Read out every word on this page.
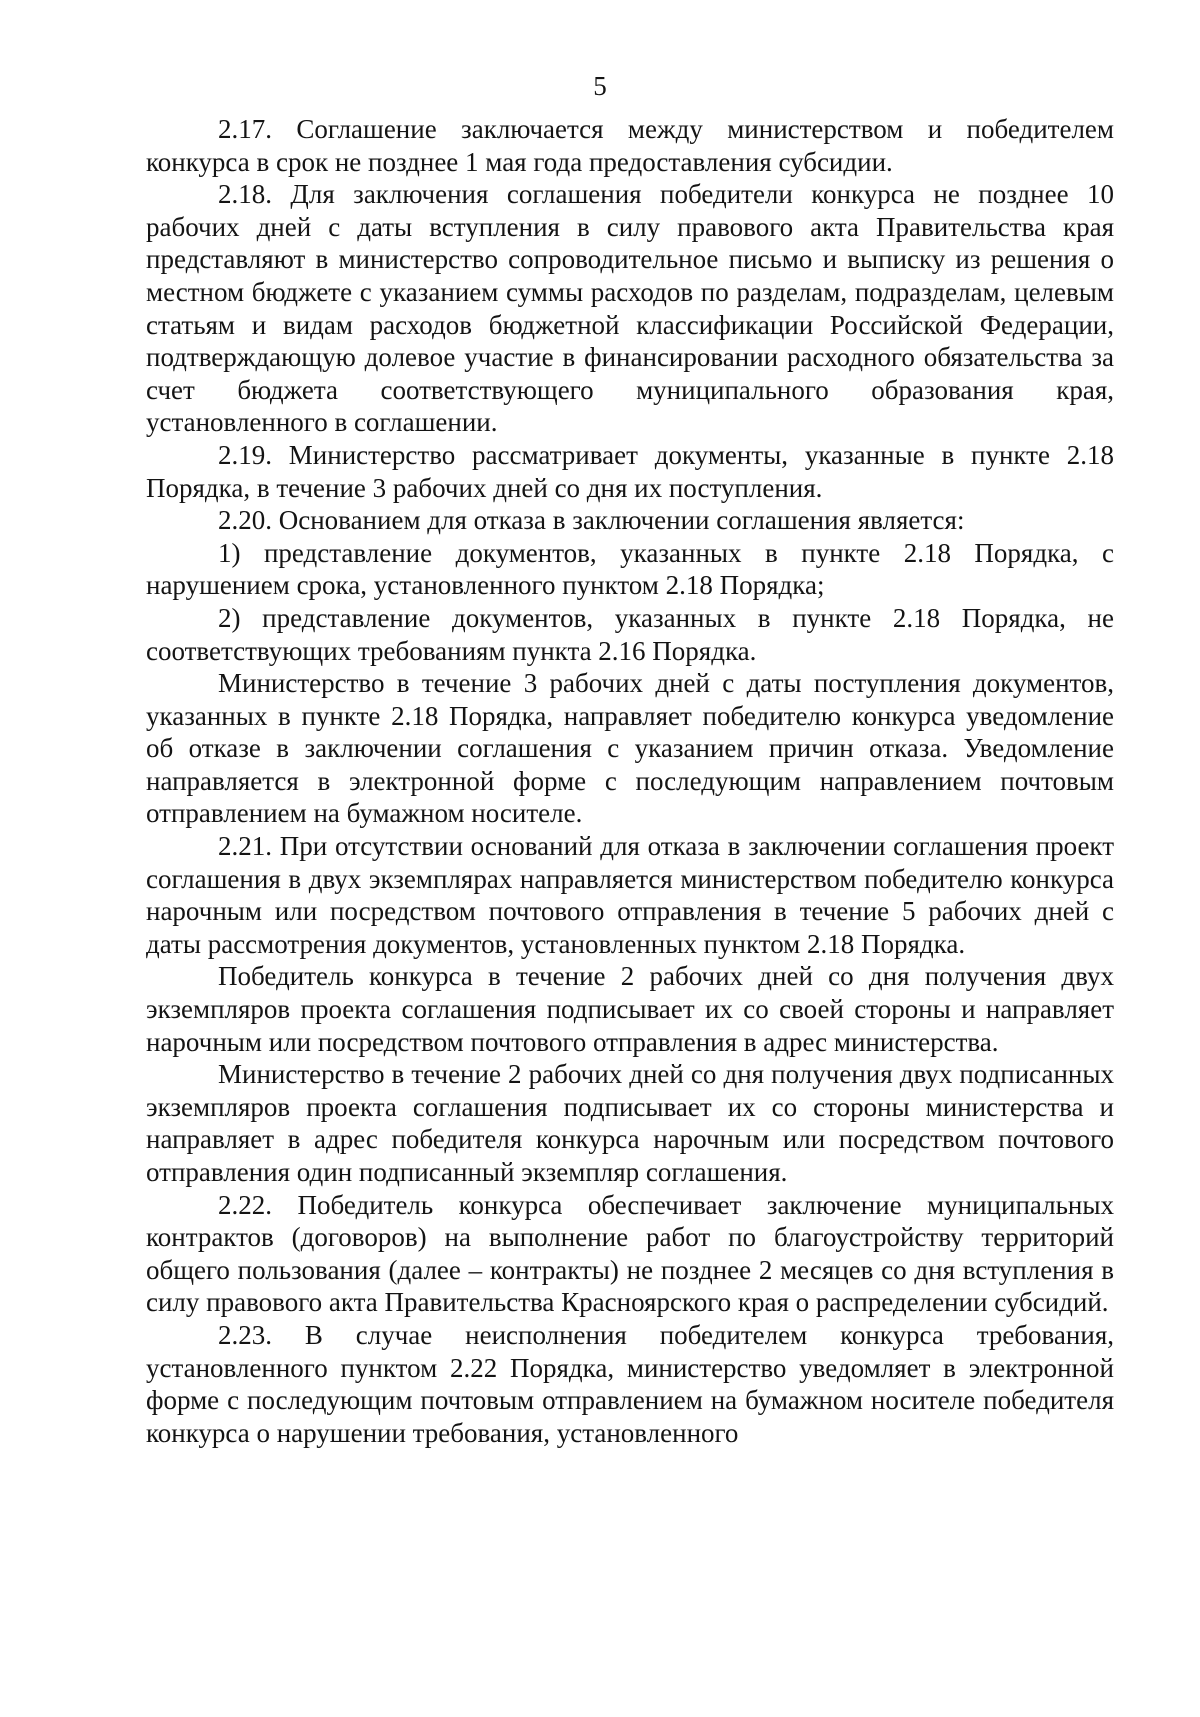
5

2.17. Соглашение заключается между министерством и победителем конкурса в срок не позднее 1 мая года предоставления субсидии.

2.18. Для заключения соглашения победители конкурса не позднее 10 рабочих дней с даты вступления в силу правового акта Правительства края представляют в министерство сопроводительное письмо и выписку из решения о местном бюджете с указанием суммы расходов по разделам, подразделам, целевым статьям и видам расходов бюджетной классификации Российской Федерации, подтверждающую долевое участие в финансировании расходного обязательства за счет бюджета соответствующего муниципального образования края, установленного в соглашении.

2.19. Министерство рассматривает документы, указанные в пункте 2.18 Порядка, в течение 3 рабочих дней со дня их поступления.

2.20. Основанием для отказа в заключении соглашения является:

1) представление документов, указанных в пункте 2.18 Порядка, с нарушением срока, установленного пунктом 2.18 Порядка;

2) представление документов, указанных в пункте 2.18 Порядка, не соответствующих требованиям пункта 2.16 Порядка.

Министерство в течение 3 рабочих дней с даты поступления документов, указанных в пункте 2.18 Порядка, направляет победителю конкурса уведомление об отказе в заключении соглашения с указанием причин отказа. Уведомление направляется в электронной форме с последующим направлением почтовым отправлением на бумажном носителе.

2.21. При отсутствии оснований для отказа в заключении соглашения проект соглашения в двух экземплярах направляется министерством победителю конкурса нарочным или посредством почтового отправления в течение 5 рабочих дней с даты рассмотрения документов, установленных пунктом 2.18 Порядка.

Победитель конкурса в течение 2 рабочих дней со дня получения двух экземпляров проекта соглашения подписывает их со своей стороны и направляет нарочным или посредством почтового отправления в адрес министерства.

Министерство в течение 2 рабочих дней со дня получения двух подписанных экземпляров проекта соглашения подписывает их со стороны министерства и направляет в адрес победителя конкурса нарочным или посредством почтового отправления один подписанный экземпляр соглашения.

2.22. Победитель конкурса обеспечивает заключение муниципальных контрактов (договоров) на выполнение работ по благоустройству территорий общего пользования (далее – контракты) не позднее 2 месяцев со дня вступления в силу правового акта Правительства Красноярского края о распределении субсидий.

2.23. В случае неисполнения победителем конкурса требования, установленного пунктом 2.22 Порядка, министерство уведомляет в электронной форме с последующим почтовым отправлением на бумажном носителе победителя конкурса о нарушении требования, установленного
